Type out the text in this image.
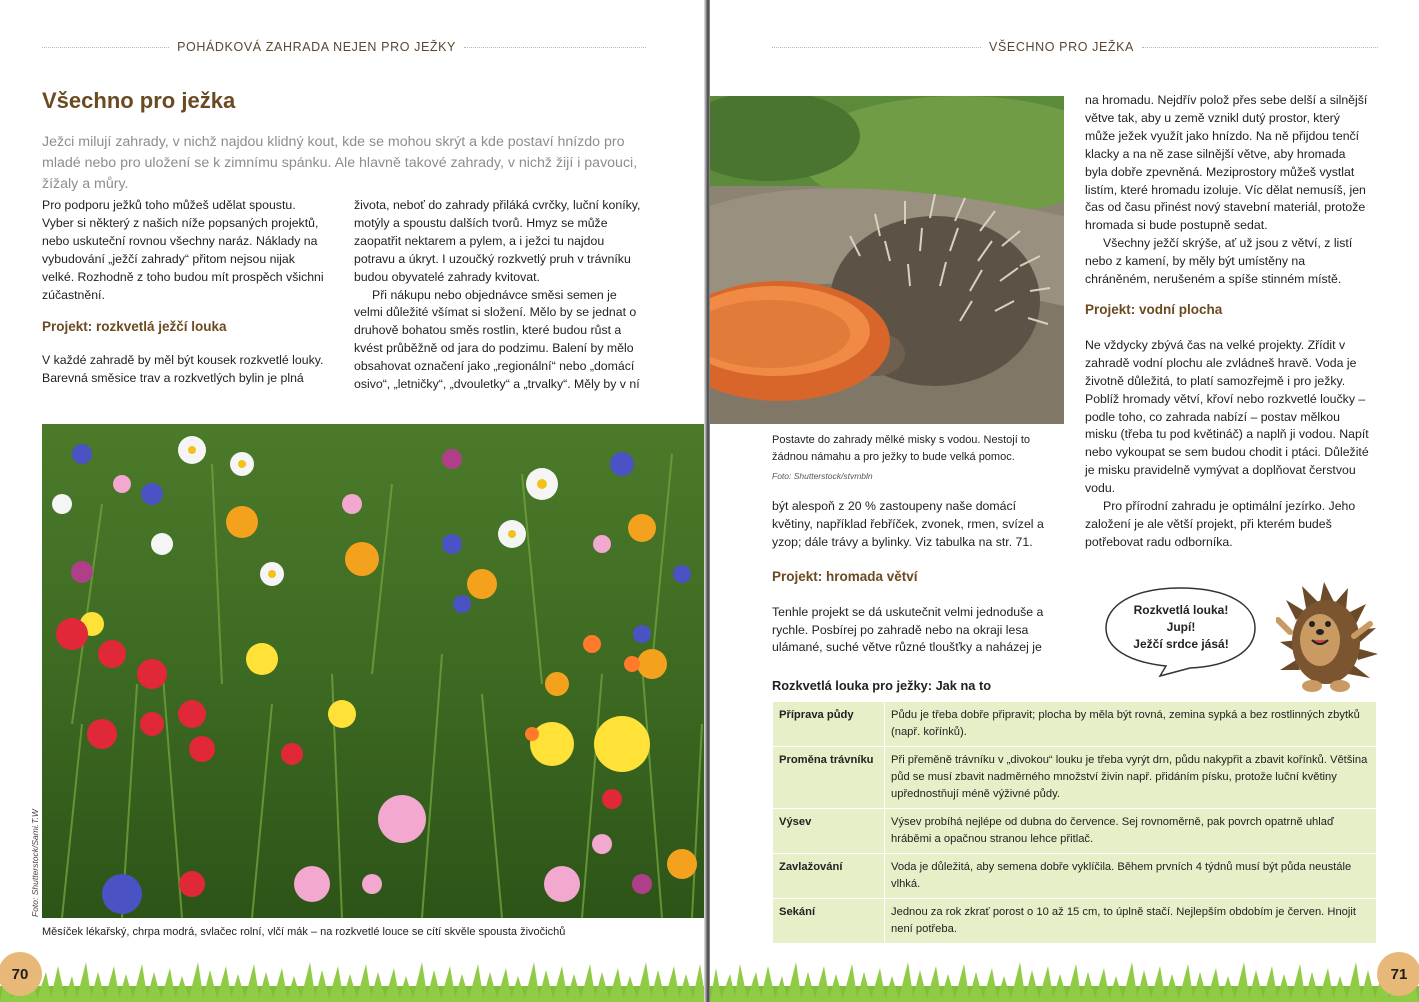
POHÁDKOVÁ ZAHRADA NEJEN PRO JEŽKY
Všechno pro ježka
Ježci milují zahrady, v nichž najdou klidný kout, kde se mohou skrýt a kde postaví hnízdo pro mladé nebo pro uložení se k zimnímu spánku. Ale hlavně takové zahrady, v nichž žijí i pavouci, žížaly a můry.

Pro podporu ježků toho můžeš udělat spoustu. Vyber si některý z našich níže popsaných projektů, nebo uskuteční rovnou všechny naráz. Náklady na vybudování „ježčí zahrady“ přitom nejsou nijak velké. Rozhodně z toho budou mít prospěch všichni zúčastnění.

Projekt: rozkvetlá ježčí louka

V každé zahradě by měl být kousek rozkvetlé louky. Barevná směsice trav a rozkvetlých bylin je plná

života, neboť do zahrady přiláká cvrčky, luční koníky, motýly a spoustu dalších tvorů. Hmyz se může zaopatřit nektarem a pylem, a i ježci tu najdou potravu a úkryt. I uzoučký rozkvetlý pruh v trávníku budou obyvatelé zahrady kvitovat.

Při nákupu nebo objednávce směsi semen je velmi důležité všímat si složení. Mělo by se jednat o druhově bohatou směs rostlin, které budou růst a kvést průběžně od jara do podzimu. Balení by mělo obsahovat označení jako „regionální“ nebo „domácí osivo“, „letničky“, „dvouletky“ a „trvalky“. Měly by v ní

Foto: Shutterstock/Sami.T.W
Měsíček lékařský, chrpa modrá, svlačec rolní, vlčí mák – na rozkvetlé louce se cítí skvěle spousta živočichů
70
VŠECHNO PRO JEŽKA
Postavte do zahrady mělké misky s vodou. Nestojí to žádnou námahu a pro ježky to bude velká pomoc.
Foto: Shutterstock/stvmbln

být alespoň z 20 % zastoupeny naše domácí květiny, například řebříček, zvonek, rmen, svízel a yzop; dále trávy a bylinky. Viz tabulka na str. 71.

Projekt: hromada větví

Tenhle projekt se dá uskutečnit velmi jednoduše a rychle. Posbírej po zahradě nebo na okraji lesa ulámané, suché větve různé tloušťky a naházej je

na hromadu. Nejdřív polož přes sebe delší a silnější větve tak, aby u země vznikl dutý prostor, který může ježek využít jako hnízdo. Na ně přijdou tenčí klacky a na ně zase silnější větve, aby hromada byla dobře zpevněná. Meziprostory můžeš vystlat listím, které hromadu izoluje. Víc dělat nemusíš, jen čas od času přinést nový stavební materiál, protože hromada si bude postupně sedat.

Všechny ježčí skrýše, ať už jsou z větví, z listí nebo z kamení, by měly být umístěny na chráněném, nerušeném a spíše stinném místě.

Projekt: vodní plocha

Ne vždycky zbývá čas na velké projekty. Zřídit v zahradě vodní plochu ale zvládneš hravě. Voda je životně důležitá, to platí samozřejmě i pro ježky. Poblíž hromady větví, křoví nebo rozkvetlé loučky – podle toho, co zahrada nabízí – postav mělkou misku (třeba tu pod květináč) a naplň ji vodou. Napít nebo vykoupat se sem budou chodit i ptáci. Důležité je misku pravidelně vymývat a doplňovat čerstvou vodu.

Pro přírodní zahradu je optimální jezírko. Jeho založení je ale větší projekt, při kterém budeš potřebovat radu odborníka.

Rozkvetlá louka!
Jupí!
Ježčí srdce jásá!
Rozkvetlá louka pro ježky: Jak na to
Příprava půdy	Půdu je třeba dobře připravit; plocha by měla být rovná, zemina sypká a bez rostlinných zbytků (např. kořínků).
Proměna trávníku	Při přeměně trávníku v „divokou“ louku je třeba vyrýt drn, půdu nakypřit a zbavit kořínků. Většina půd se musí zbavit nadměrného množství živin např. přidáním písku, protože luční květiny upřednostňují méně výživné půdy.
Výsev	Výsev probíhá nejlépe od dubna do července. Sej rovnoměrně, pak povrch opatrně uhlaď hráběmi a opačnou stranou lehce přitlač.
Zavlažování	Voda je důležitá, aby semena dobře vyklíčila. Během prvních 4 týdnů musí být půda neustále vlhká.
Sekání	Jednou za rok zkrať porost o 10 až 15 cm, to úplně stačí. Nejlepším obdobím je červen. Hnojit není potřeba.
71
